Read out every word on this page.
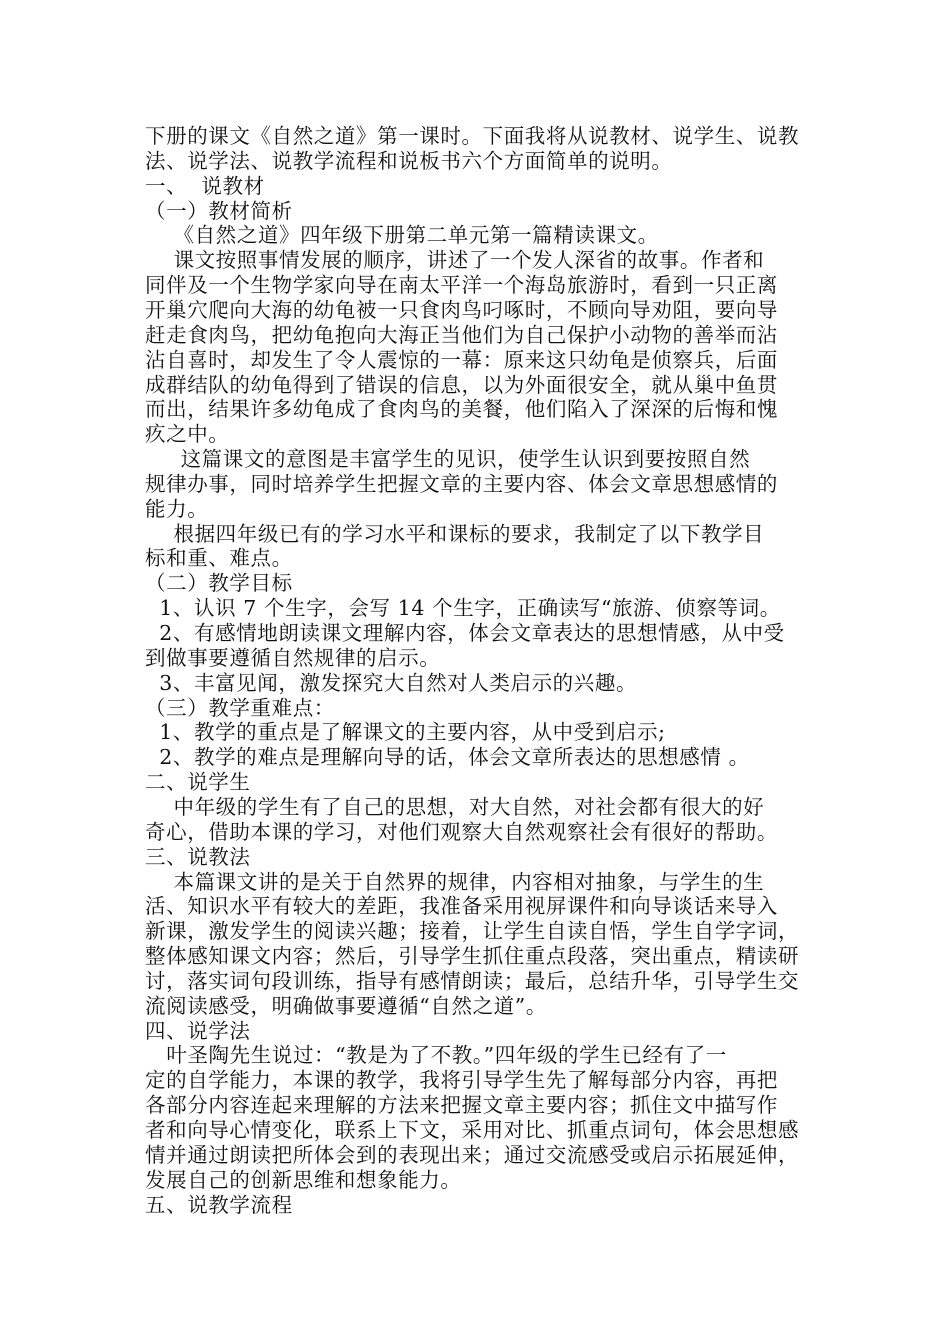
下册的课文《自然之道》第一课时。下面我将从说教材、说学生、说教
法、说学法、说教学流程和说板书六个方面简单的说明。
一、  说教材
（一）教材简析
《自然之道》四年级下册第二单元第一篇精读课文。
课文按照事情发展的顺序，讲述了一个发人深省的故事。作者和
同伴及一个生物学家向导在南太平洋一个海岛旅游时，看到一只正离
开巢穴爬向大海的幼龟被一只食肉鸟叼啄时，不顾向导劝阻，要向导
赶走食肉鸟，把幼龟抱向大海正当他们为自己保护小动物的善举而沾
沾自喜时，却发生了令人震惊的一幕：原来这只幼龟是侦察兵，后面
成群结队的幼龟得到了错误的信息，以为外面很安全，就从巢中鱼贯
而出，结果许多幼龟成了食肉鸟的美餐，他们陷入了深深的后悔和愧
疚之中。
这篇课文的意图是丰富学生的见识，使学生认识到要按照自然
规律办事，同时培养学生把握文章的主要内容、体会文章思想感情的
能力。
根据四年级已有的学习水平和课标的要求，我制定了以下教学目
标和重、难点。
（二）教学目标
1、认识 7 个生字，会写 14 个生字，正确读写“旅游、侦察等词。
2、有感情地朗读课文理解内容，体会文章表达的思想情感，从中受
到做事要遵循自然规律的启示。
3、丰富见闻，激发探究大自然对人类启示的兴趣。
（三）教学重难点：
1、教学的重点是了解课文的主要内容，从中受到启示;
2、教学的难点是理解向导的话，体会文章所表达的思想感情 。
二、说学生
中年级的学生有了自己的思想，对大自然，对社会都有很大的好
奇心，借助本课的学习，对他们观察大自然观察社会有很好的帮助。
三、说教法
本篇课文讲的是关于自然界的规律，内容相对抽象，与学生的生
活、知识水平有较大的差距，我准备采用视屏课件和向导谈话来导入
新课，激发学生的阅读兴趣；接着，让学生自读自悟，学生自学字词，
整体感知课文内容；然后，引导学生抓住重点段落，突出重点，精读研
讨，落实词句段训练，指导有感情朗读；最后，总结升华，引导学生交
流阅读感受，明确做事要遵循“自然之道”。
四、说学法
叶圣陶先生说过：“教是为了不教。”四年级的学生已经有了一
定的自学能力，本课的教学，我将引导学生先了解每部分内容，再把
各部分内容连起来理解的方法来把握文章主要内容；抓住文中描写作
者和向导心情变化，联系上下文，采用对比、抓重点词句，体会思想感
情并通过朗读把所体会到的表现出来；通过交流感受或启示拓展延伸，
发展自己的创新思维和想象能力。
五、说教学流程
